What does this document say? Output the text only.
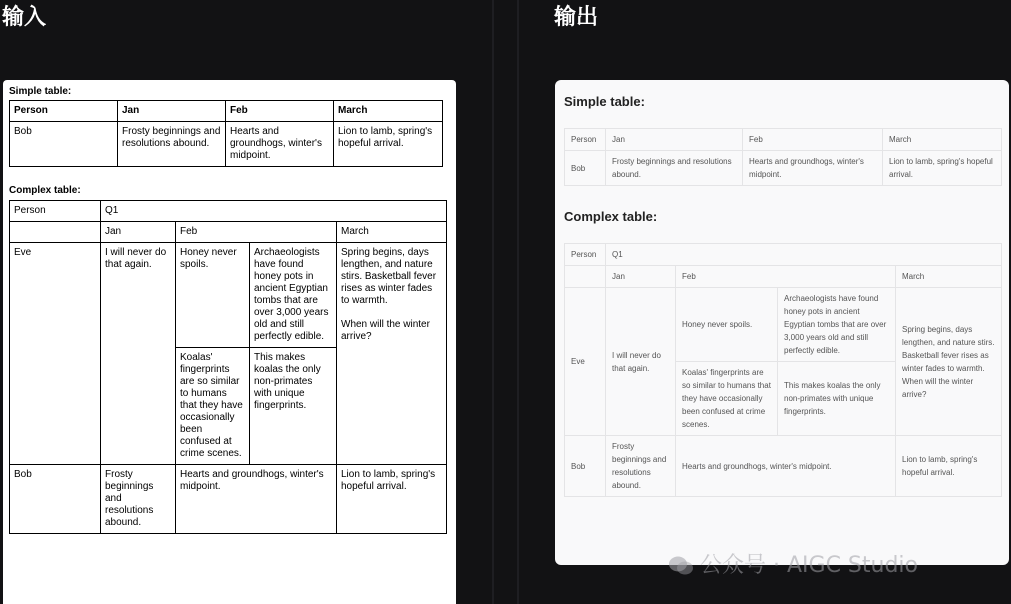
输入	输出
Simple table:
Person	Jan	Feb	March
Bob	Frosty beginnings and resolutions abound.	Hearts and groundhogs, winter's midpoint.	Lion to lamb, spring's hopeful arrival.
Complex table:
Person	Q1			
	Jan	Feb		March
Eve	I will never do that again.	Honey never spoils.	Archaeologists have found honey pots in ancient Egyptian tombs that are over 3,000 years old and still perfectly edible.	Spring begins, days lengthen, and nature stirs. Basketball fever rises as winter fades to warmth.
When will the winter arrive?

		Koalas' fingerprints are so similar to humans that they have occasionally been confused at crime scenes.	This makes koalas the only non-primates with unique fingerprints.	
Bob	Frosty beginnings and resolutions abound.	Hearts and groundhogs, winter's midpoint.		Lion to lamb, spring's hopeful arrival.
Simple table:
Person	Jan	Feb	March
Bob	Frosty beginnings and resolutions abound.	Hearts and groundhogs, winter's midpoint.	Lion to lamb, spring's hopeful arrival.
Complex table:
Person	Q1			
	Jan	Feb		March
Eve	I will never do that again.	Honey never spoils.	Archaeologists have found honey pots in ancient Egyptian tombs that are over 3,000 years old and still perfectly edible.	Spring begins, days lengthen, and nature stirs. Basketball fever rises as winter fades to warmth. When will the winter arrive?
		Koalas' fingerprints are so similar to humans that they have occasionally been confused at crime scenes.	This makes koalas the only non-primates with unique fingerprints.	
Bob	Frosty beginnings and resolutions abound.	Hearts and groundhogs, winter's midpoint.		Lion to lamb, spring's hopeful arrival.
公众号 · AIGC Studio
